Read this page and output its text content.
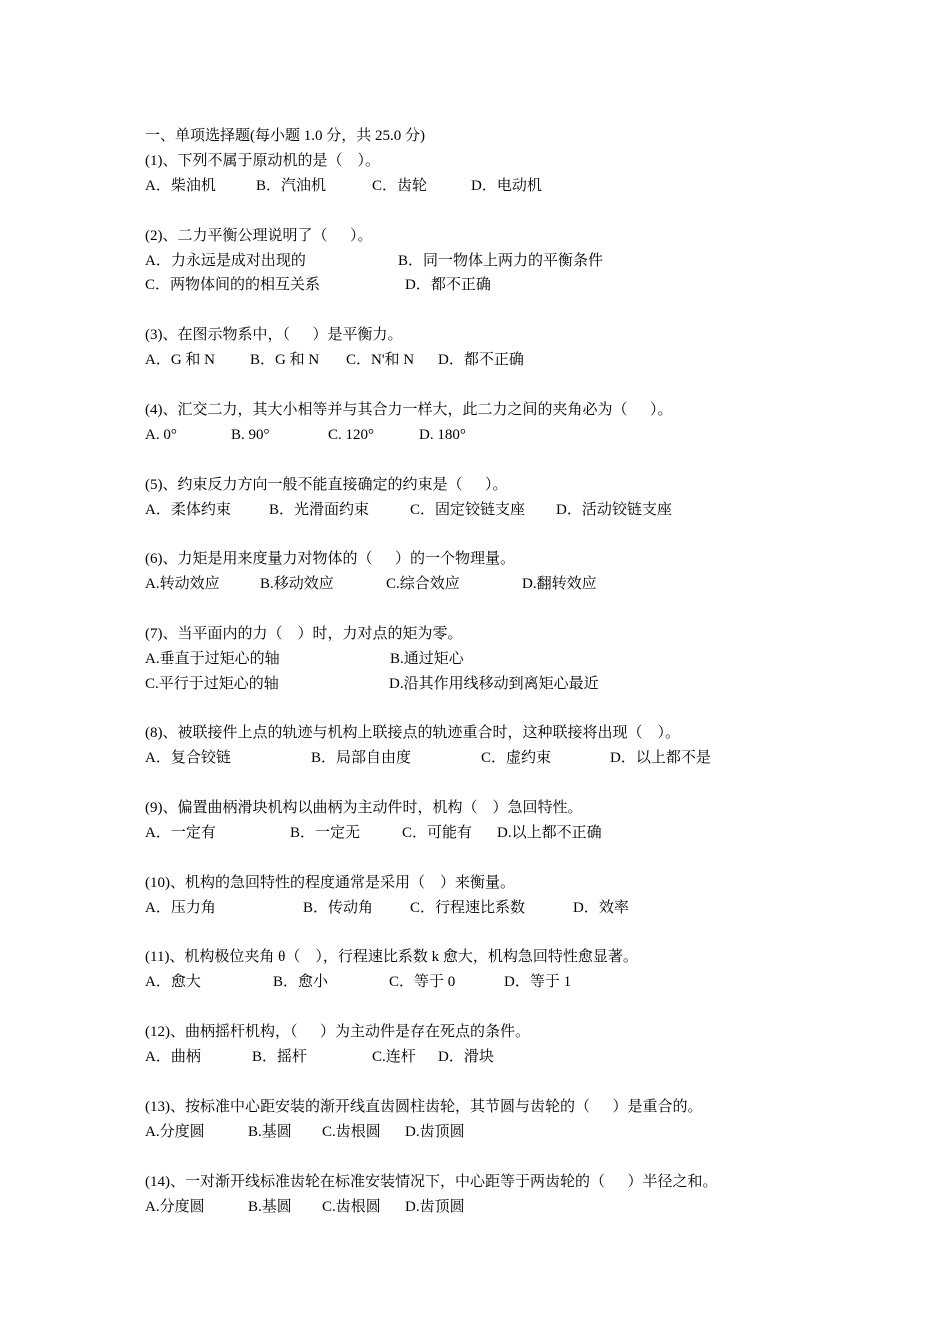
一、单项选择题(每小题 1.0 分，共 25.0 分)
(1)、下列不属于原动机的是（    ）。
A．柴油机	B．汽油机	C．齿轮	D．电动机
(2)、二力平衡公理说明了（      ）。
A．力永远是成对出现的	B．同一物体上两力的平衡条件
C．两物体间的的相互关系	D．都不正确
(3)、在图示物系中，（      ）是平衡力。
A．G 和 N B．G 和 N C．N'和 N D．都不正确
(4)、汇交二力，其大小相等并与其合力一样大，此二力之间的夹角必为（      ）。
A. 0°	B. 90°	C. 120°	D. 180°
(5)、约束反力方向一般不能直接确定的约束是（      ）。
A．柔体约束	B．光滑面约束	C．固定铰链支座 D．活动铰链支座
(6)、力矩是用来度量力对物体的（      ）的一个物理量。
A.转动效应	B.移动效应	C.综合效应	D.翻转效应
(7)、当平面内的力（    ）时，力对点的矩为零。
A.垂直于过矩心的轴	B.通过矩心
C.平行于过矩心的轴	D.沿其作用线移动到离矩心最近
(8)、被联接件上点的轨迹与机构上联接点的轨迹重合时，这种联接将出现（    ）。
A．复合铰链	B．局部自由度	C．虚约束	D．以上都不是
(9)、偏置曲柄滑块机构以曲柄为主动件时，机构（    ）急回特性。
A．一定有	B．一定无	C．可能有 D.以上都不正确
(10)、机构的急回特性的程度通常是采用（    ）来衡量。
A．压力角	B．传动角 C．行程速比系数	D．效率
(11)、机构极位夹角 θ（    ），行程速比系数 k 愈大，机构急回特性愈显著。
A．愈大	B．愈小	C．等于 0	D．等于 1
(12)、曲柄摇杆机构，（      ）为主动件是存在死点的条件。
A．曲柄	B．摇杆	C.连杆 D．滑块
(13)、按标准中心距安装的渐开线直齿圆柱齿轮，其节圆与齿轮的（      ）是重合的。
A.分度圆	B.基圆 C.齿根圆 D.齿顶圆
(14)、一对渐开线标准齿轮在标准安装情况下，中心距等于两齿轮的（      ）半径之和。
A.分度圆	B.基圆 C.齿根圆 D.齿顶圆
